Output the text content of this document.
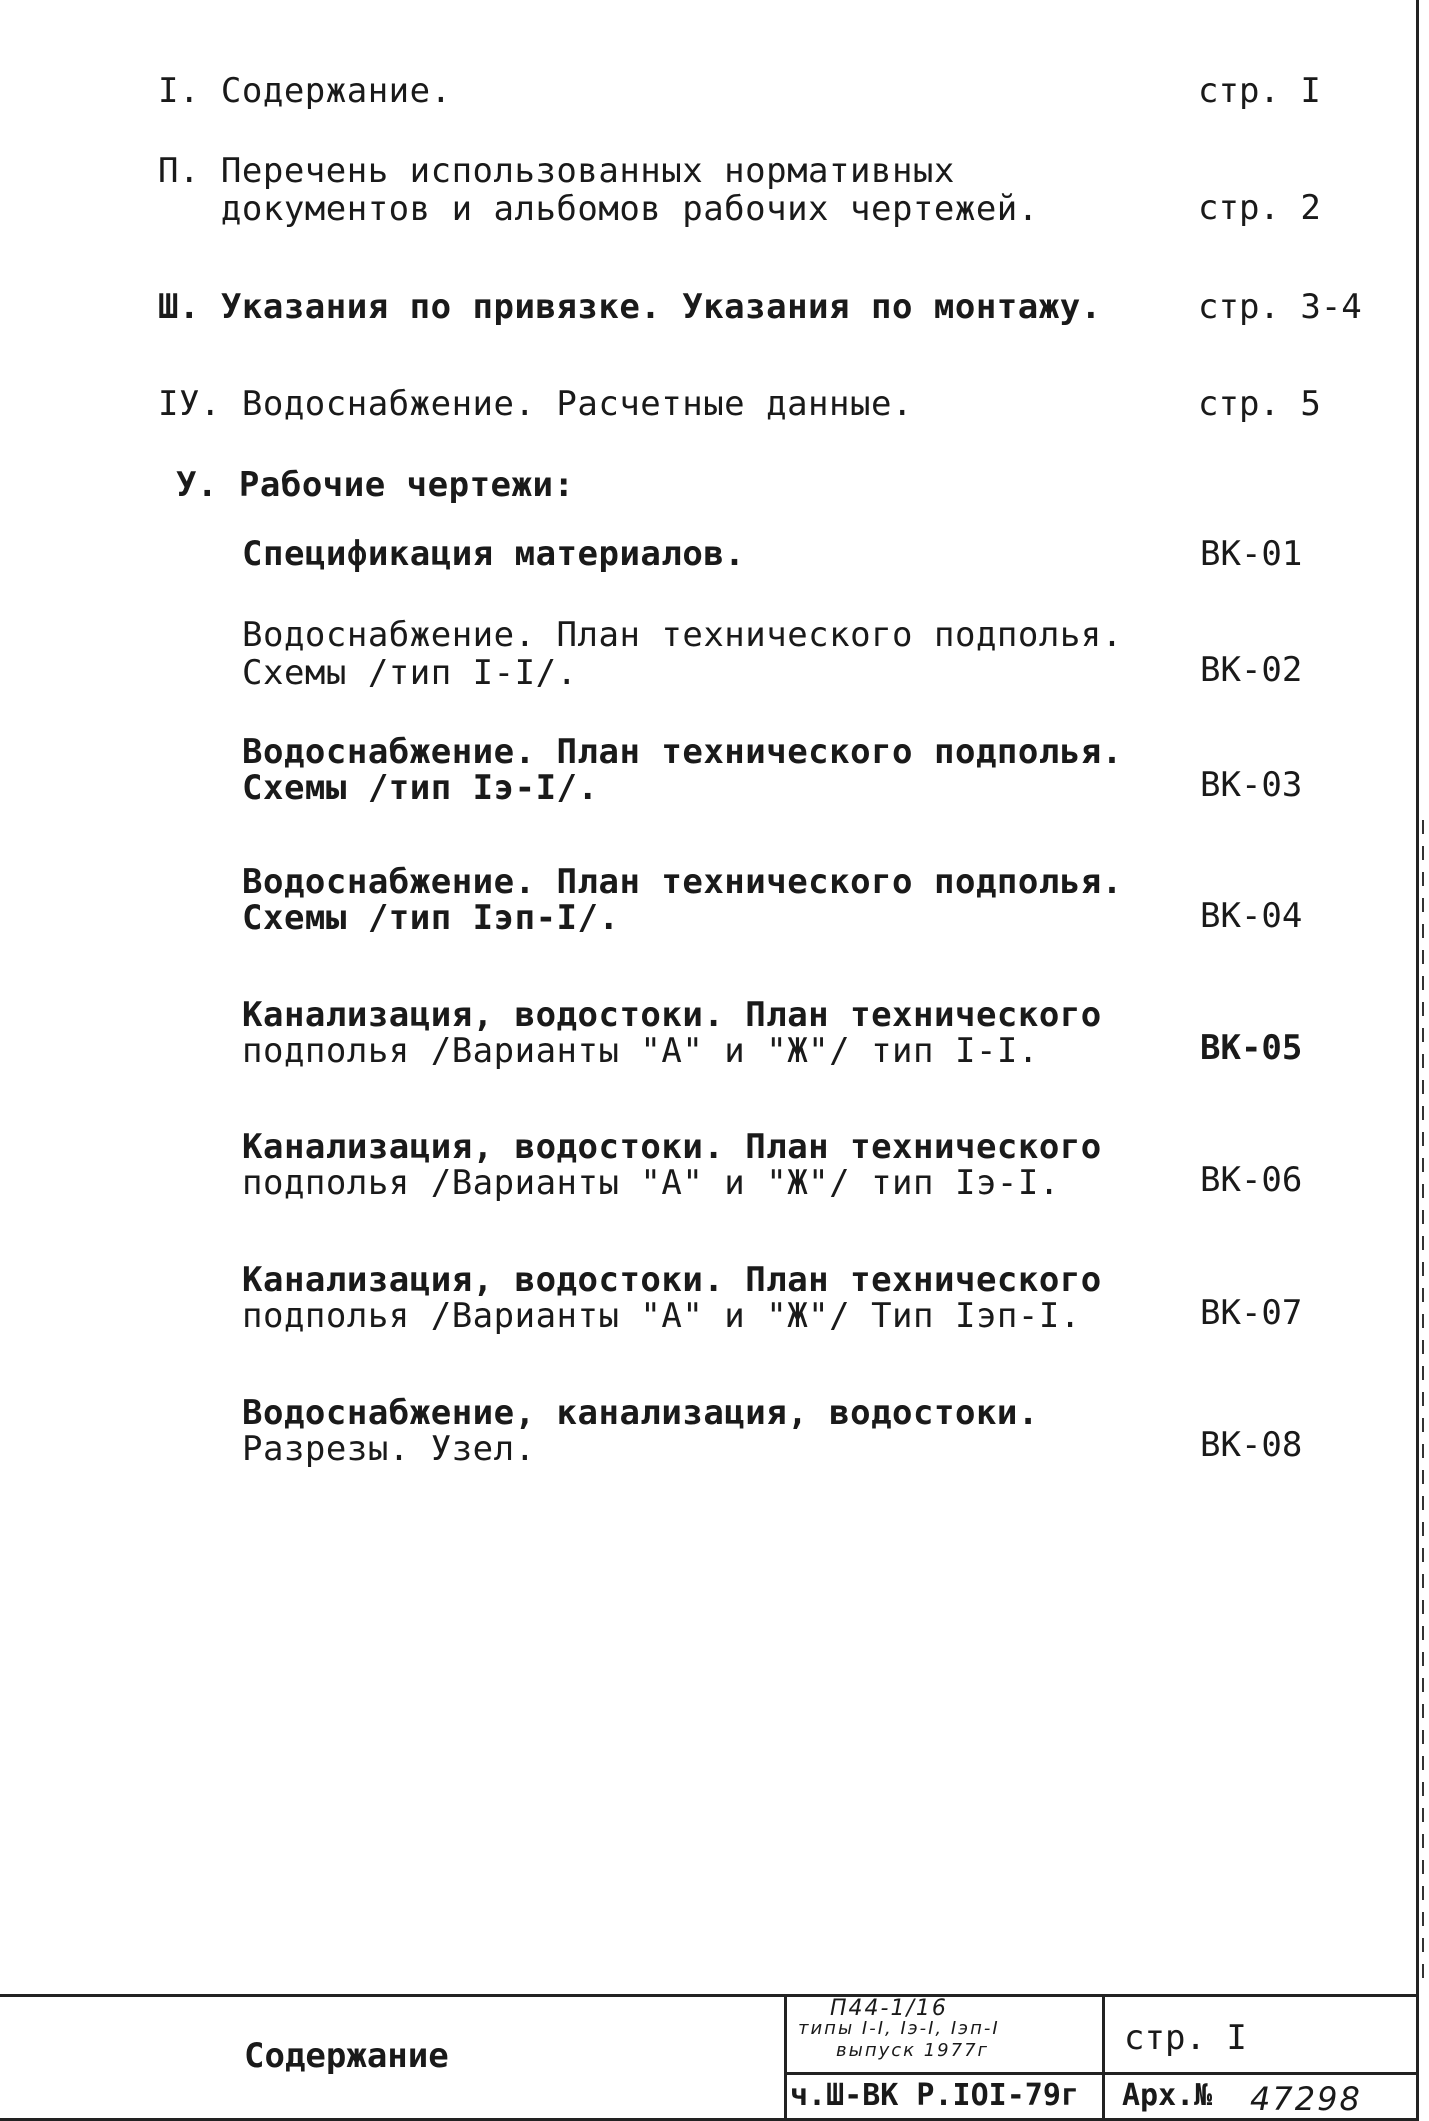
I. Содержание.	стр. I
П. Перечень использованных нормативных
документов и альбомов рабочих чертежей.	стр. 2
Ш. Указания по привязке. Указания по монтажу.	стр. 3-4
IУ. Водоснабжение. Расчетные данные.	стр. 5
У. Рабочие чертежи:
Спецификация материалов.	ВК-01
Водоснабжение. План технического подполья.
Схемы /тип I-I/.	ВК-02
Водоснабжение. План технического подполья.
Схемы /тип Iэ-I/.	ВК-03
Водоснабжение. План технического подполья.
Схемы /тип Iэп-I/.	ВК-04
Канализация, водостоки. План технического
подполья /Варианты "А" и "Ж"/ тип I-I.	ВК-05
Канализация, водостоки. План технического
подполья /Варианты "А" и "Ж"/ тип Iэ-I.	ВК-06
Канализация, водостоки. План технического
подполья /Варианты "А" и "Ж"/ Тип Iэп-I.	ВК-07
Водоснабжение, канализация, водостоки.
Разрезы. Узел.	ВК-08
Содержание
П44-1/16
типы I-I, Iэ-I, Iэп-I
выпуск 1977г
ч.Ш-ВК Р.IОI-79г
стр. I
Арх.№ 47298
